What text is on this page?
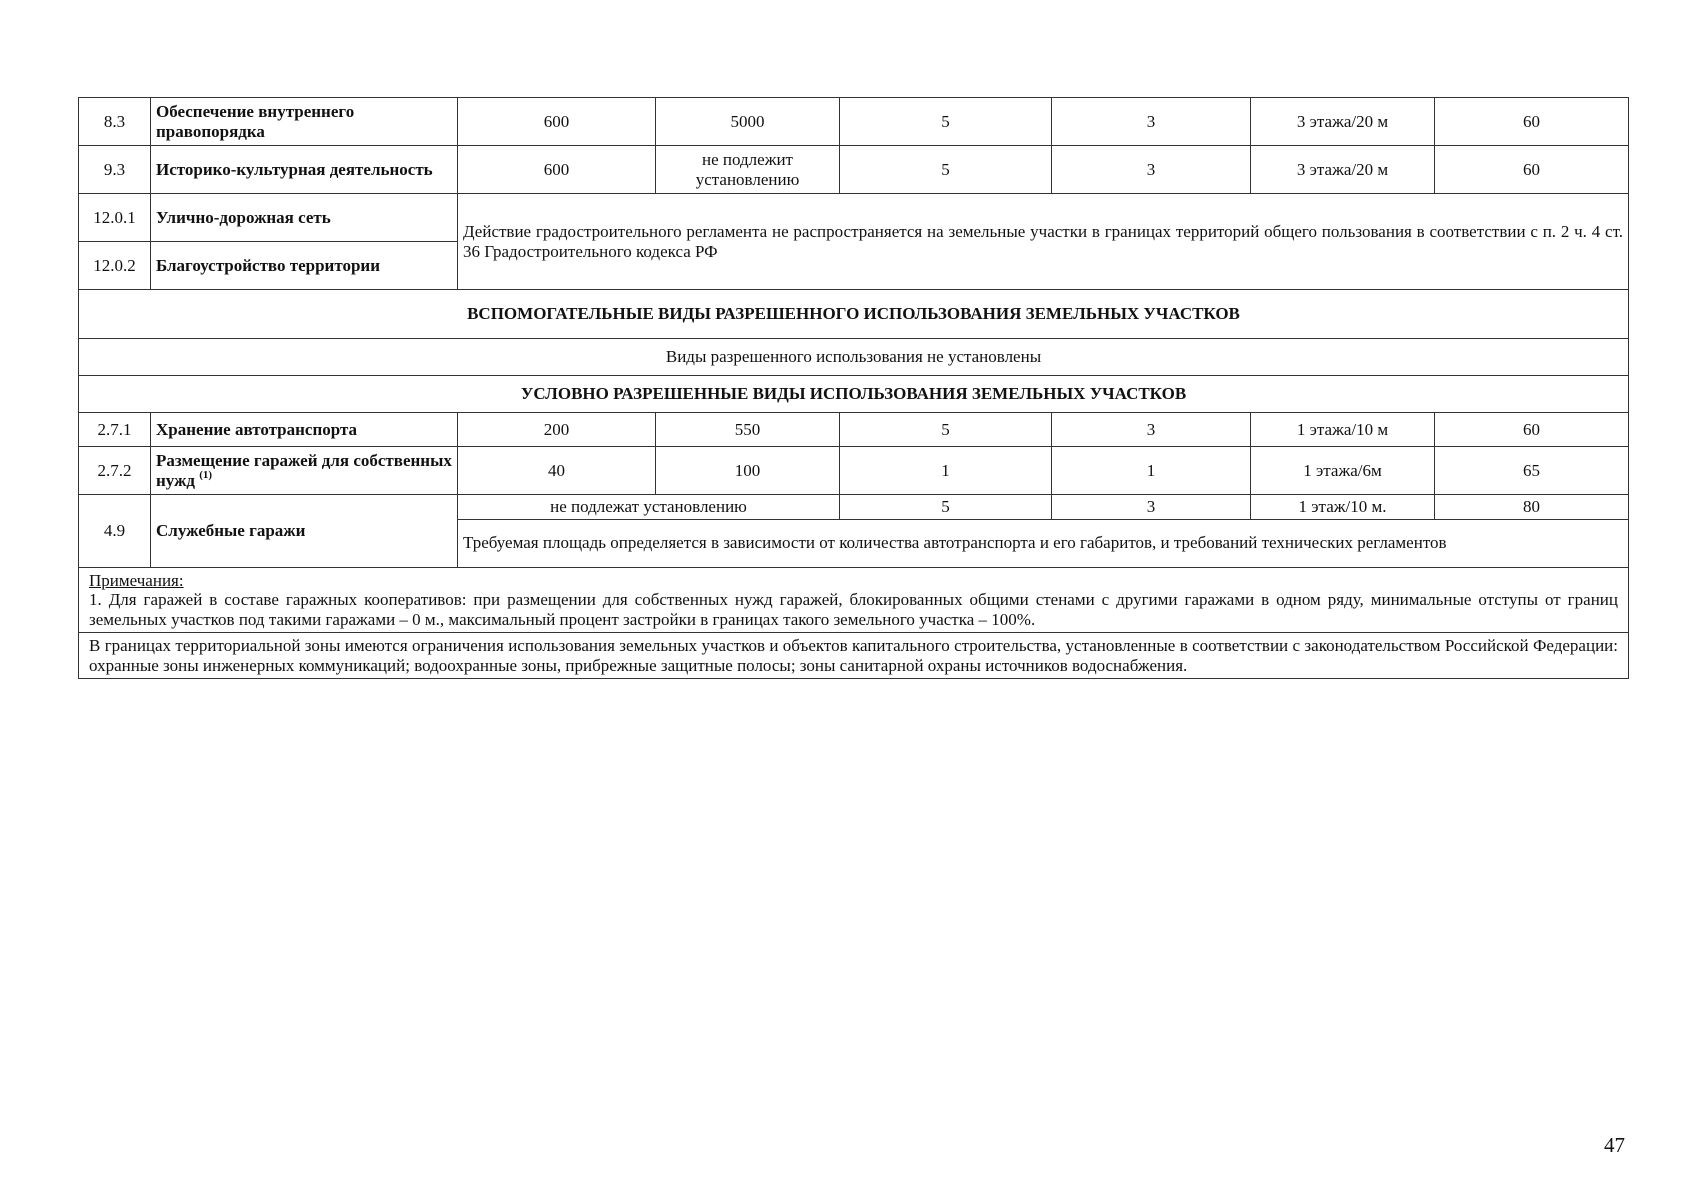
8.3	Обеспечение внутреннего правопорядка	600	5000	5	3	3 этажа/20 м	60
9.3	Историко-культурная деятельность	600	не подлежит установлению	5	3	3 этажа/20 м	60
12.0.1	Улично-дорожная сеть	Действие градостроительного регламента не распространяется на земельные участки в границах территорий общего пользования в соответствии с п. 2 ч. 4 ст. 36 Градостроительного кодекса РФ					
12.0.2	Благоустройство территории						
ВСПОМОГАТЕЛЬНЫЕ ВИДЫ РАЗРЕШЕННОГО ИСПОЛЬЗОВАНИЯ ЗЕМЕЛЬНЫХ УЧАСТКОВ							
Виды разрешенного использования не установлены							
УСЛОВНО РАЗРЕШЕННЫЕ ВИДЫ ИСПОЛЬЗОВАНИЯ ЗЕМЕЛЬНЫХ УЧАСТКОВ							
2.7.1	Хранение автотранспорта	200	550	5	3	1 этажа/10 м	60
2.7.2	Размещение гаражей для собственных нужд $^{(1)}$	40	100	1	1	1 этажа/6м	65
4.9	Служебные гаражи	не подлежат установлению		5	3	1 этаж/10 м.	80
		Требуемая площадь определяется в зависимости от количества автотранспорта и его габаритов, и требований технических регламентов					

Примечания:
1. Для гаражей в составе гаражных кооперативов: при размещении для собственных нужд гаражей, блокированных общими стенами с другими гаражами в одном ряду, минимальные отступы от границ земельных участков под такими гаражами – 0 м., максимальный процент застройки в границах такого земельного участка – 100%.							

В границах территориальной зоны имеются ограничения использования земельных участков и объектов капитального строительства, установленные в соответствии с законодательством Российской Федерации: охранные зоны инженерных коммуникаций; водоохранные зоны, прибрежные защитные полосы; зоны санитарной охраны источников водоснабжения.							
47
